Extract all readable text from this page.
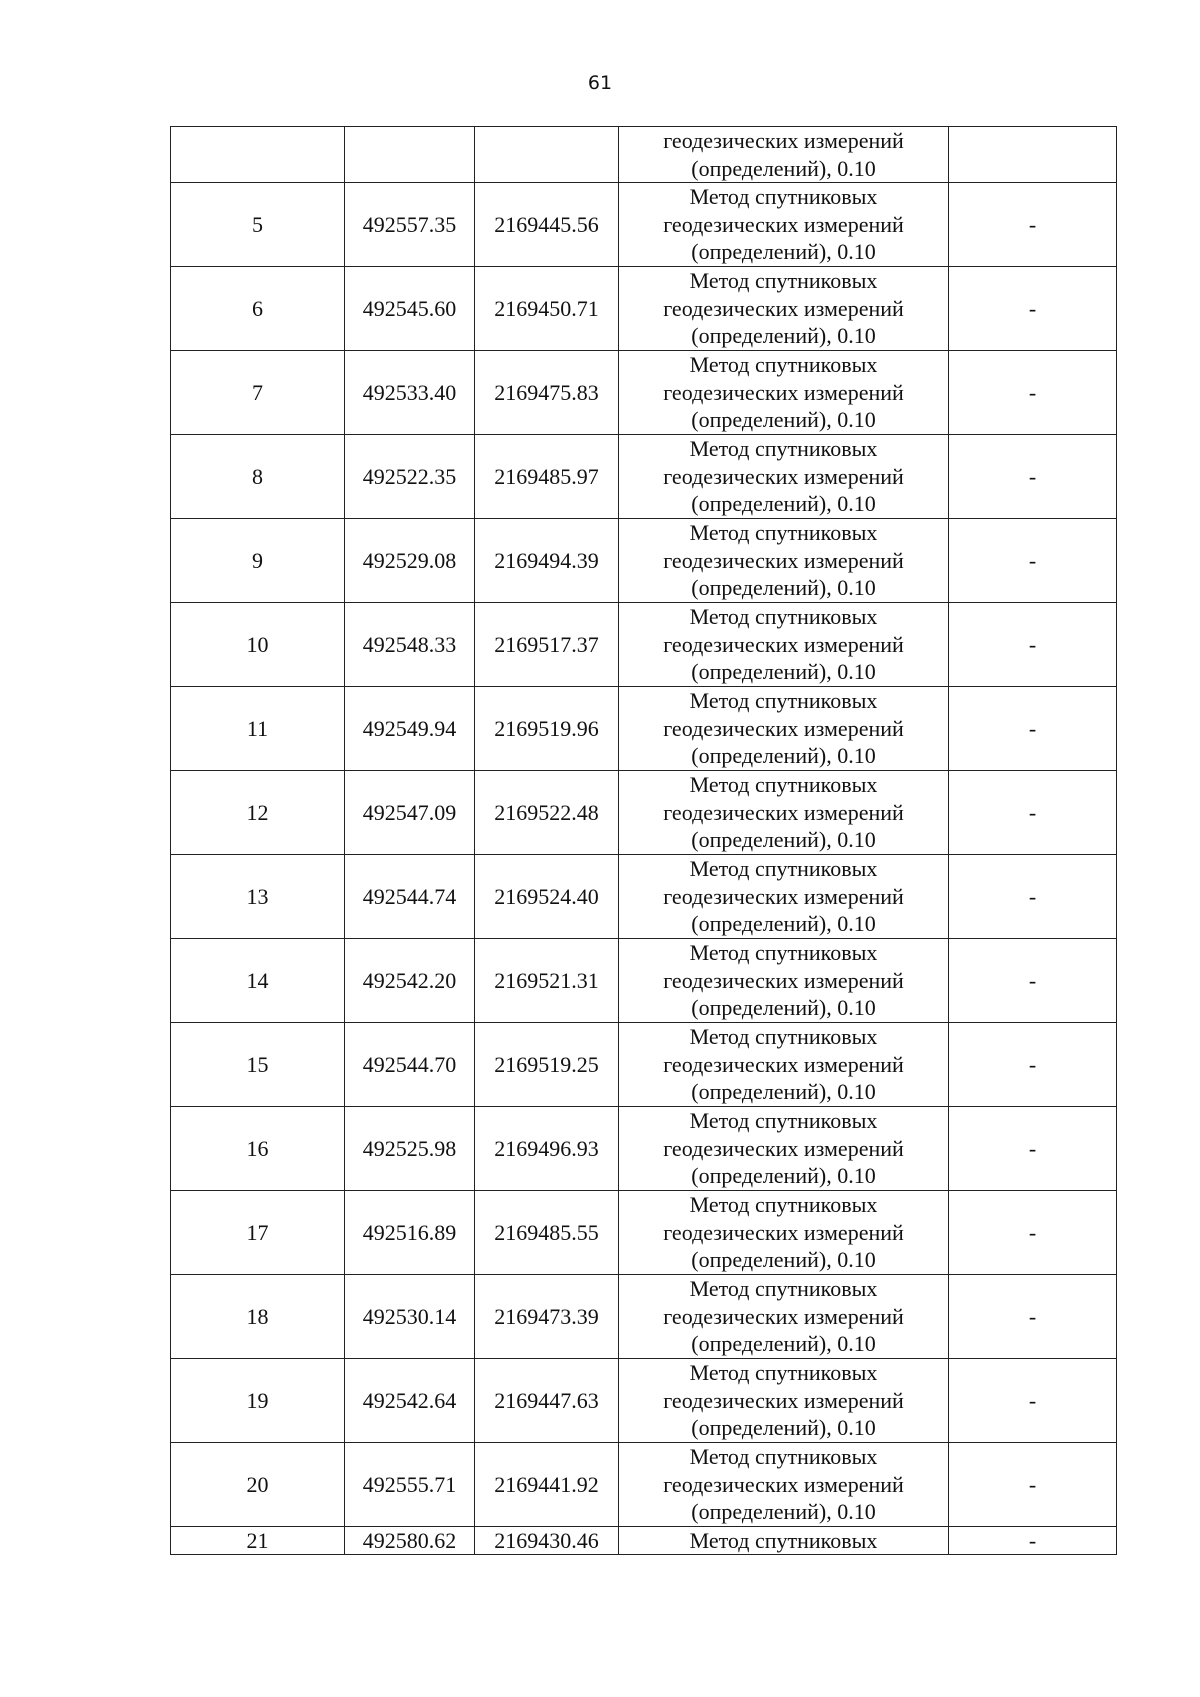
61

			геодезических измерений
(определений), 0.10	

5	492557.35	2169445.56	Метод спутниковых
геодезических измерений
(определений), 0.10	-
6	492545.60	2169450.71	Метод спутниковых
геодезических измерений
(определений), 0.10	-
7	492533.40	2169475.83	Метод спутниковых
геодезических измерений
(определений), 0.10	-
8	492522.35	2169485.97	Метод спутниковых
геодезических измерений
(определений), 0.10	-
9	492529.08	2169494.39	Метод спутниковых
геодезических измерений
(определений), 0.10	-
10	492548.33	2169517.37	Метод спутниковых
геодезических измерений
(определений), 0.10	-
11	492549.94	2169519.96	Метод спутниковых
геодезических измерений
(определений), 0.10	-
12	492547.09	2169522.48	Метод спутниковых
геодезических измерений
(определений), 0.10	-
13	492544.74	2169524.40	Метод спутниковых
геодезических измерений
(определений), 0.10	-
14	492542.20	2169521.31	Метод спутниковых
геодезических измерений
(определений), 0.10	-
15	492544.70	2169519.25	Метод спутниковых
геодезических измерений
(определений), 0.10	-
16	492525.98	2169496.93	Метод спутниковых
геодезических измерений
(определений), 0.10	-
17	492516.89	2169485.55	Метод спутниковых
геодезических измерений
(определений), 0.10	-
18	492530.14	2169473.39	Метод спутниковых
геодезических измерений
(определений), 0.10	-
19	492542.64	2169447.63	Метод спутниковых
геодезических измерений
(определений), 0.10	-
20	492555.71	2169441.92	Метод спутниковых
геодезических измерений
(определений), 0.10	-
21	492580.62	2169430.46	Метод спутниковых	-
